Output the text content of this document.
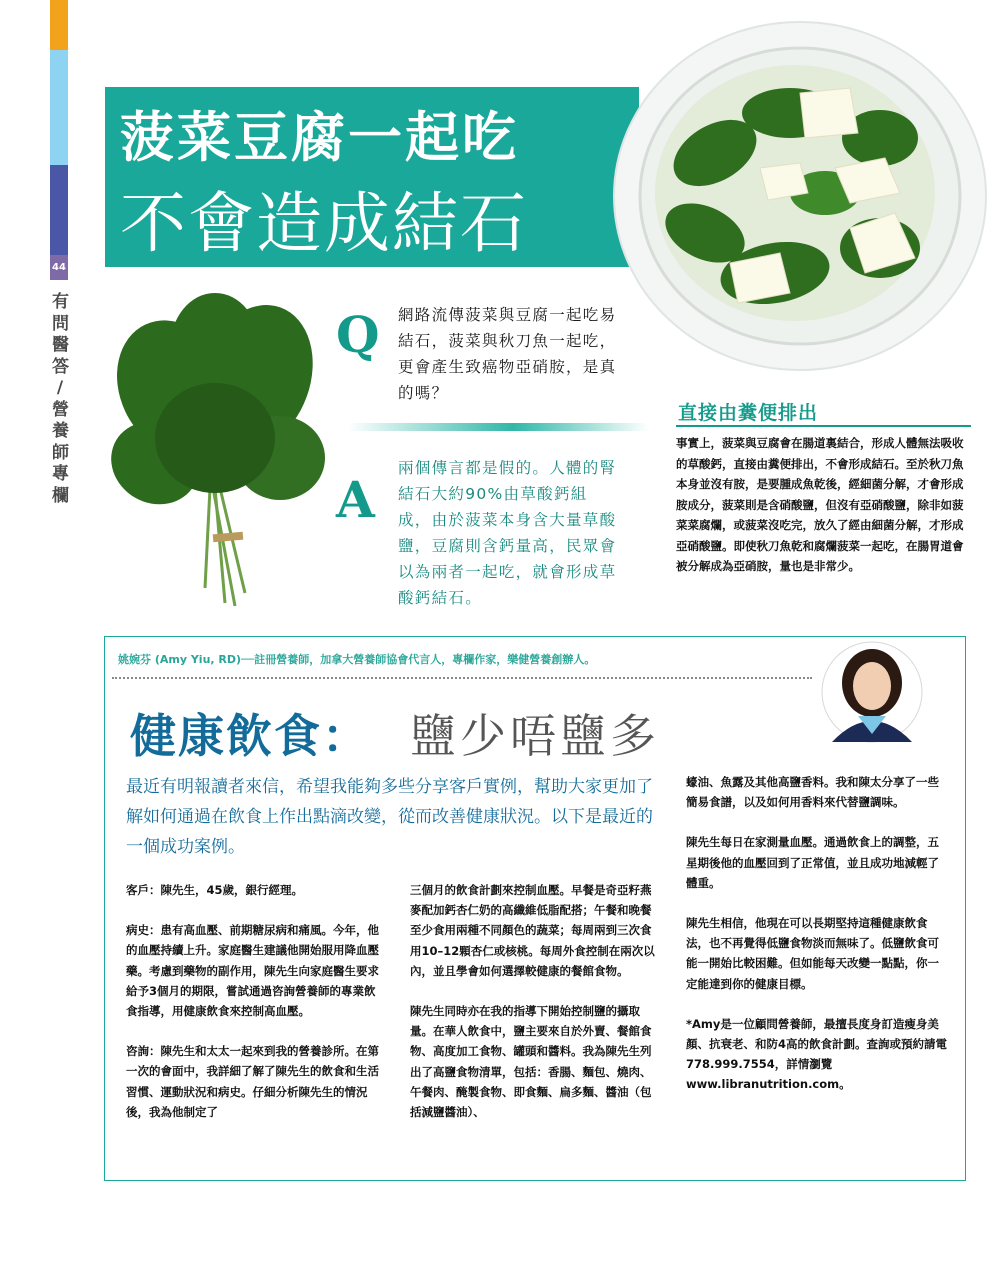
44
有
問
醫
答
/
營
養
師
專
欄
菠菜豆腐一起吃
不會造成結石
Q 網路流傳菠菜與豆腐一起吃易結石，菠菜與秋刀魚一起吃，更會產生致癌物亞硝胺，是真的嗎？
A
兩個傳言都是假的。人體的腎結石大約90%由草酸鈣組成，由於菠菜本身含大量草酸鹽，豆腐則含鈣量高，民眾會以為兩者一起吃，就會形成草酸鈣結石。
直接由糞便排出
事實上，菠菜與豆腐會在腸道裏結合，形成人體無法吸收的草酸鈣，直接由糞便排出，不會形成結石。至於秋刀魚本身並沒有胺，是要腫成魚乾後，經細菌分解，才會形成胺成分，菠菜則是含硝酸鹽，但沒有亞硝酸鹽，除非如菠菜菜腐爛，或菠菜沒吃完，放久了經由細菌分解，才形成亞硝酸鹽。即使秋刀魚乾和腐爛菠菜一起吃，在腸胃道會被分解成為亞硝胺，量也是非常少。
姚婉芬 (Amy Yiu, RD)──註冊營養師，加拿大營養師協會代言人，專欄作家，樂健營養創辦人。
健康飲食： 鹽少唔鹽多
最近有明報讀者來信，希望我能夠多些分享客戶實例，幫助大家更加了解如何通過在飲食上作出點滴改變，從而改善健康狀況。以下是最近的一個成功案例。

客戶：陳先生，45歲，銀行經理。

病史：患有高血壓、前期糖尿病和痛風。今年，他的血壓持續上升。家庭醫生建議他開始服用降血壓藥。考慮到藥物的副作用，陳先生向家庭醫生要求給予3個月的期限，嘗試通過咨詢營養師的專業飲食指導，用健康飲食來控制高血壓。

咨詢：陳先生和太太一起來到我的營養診所。在第一次的會面中，我詳細了解了陳先生的飲食和生活習慣、運動狀況和病史。仔細分析陳先生的情況後，我為他制定了

三個月的飲食計劃來控制血壓。早餐是奇亞籽燕麥配加鈣杏仁奶的高纖維低脂配搭；午餐和晚餐至少食用兩種不同顏色的蔬菜；每周兩到三次食用10–12顆杏仁或核桃。每周外食控制在兩次以內，並且學會如何選擇較健康的餐館食物。

陳先生同時亦在我的指導下開始控制鹽的攝取量。在華人飲食中，鹽主要來自於外賣、餐館食物、高度加工食物、罐頭和醬料。我為陳先生列出了高鹽食物清單，包括：香腸、麵包、燒肉、午餐肉、醃製食物、即食麵、扁多麵、醬油（包括減鹽醬油）、

蠔油、魚露及其他高鹽香料。我和陳太分享了一些簡易食譜，以及如何用香料來代替鹽調味。

陳先生每日在家測量血壓。通過飲食上的調整，五星期後他的血壓回到了正常值，並且成功地減輕了體重。

陳先生相信，他現在可以長期堅持這種健康飲食法，也不再覺得低鹽食物淡而無味了。低鹽飲食可能一開始比較困難。但如能每天改變一點點，你一定能達到你的健康目標。

*Amy是一位顧問營養師，最擅長度身訂造瘦身美顏、抗衰老、和防4高的飲食計劃。查詢或預約請電 778.999.7554，詳情瀏覽 www.libranutrition.com。
